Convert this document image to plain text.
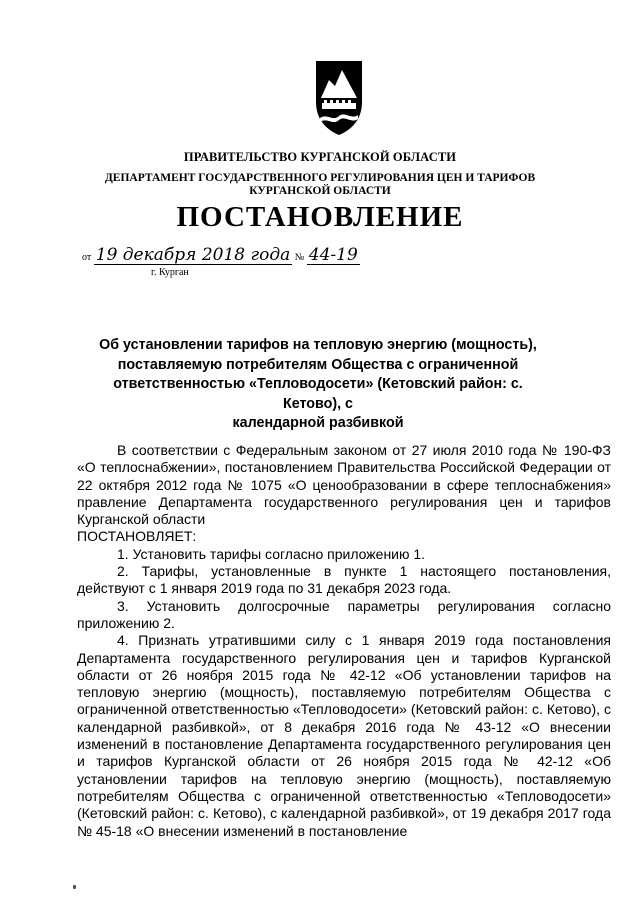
ПРАВИТЕЛЬСТВО КУРГАНСКОЙ ОБЛАСТИ
ДЕПАРТАМЕНТ ГОСУДАРСТВЕННОГО РЕГУЛИРОВАНИЯ ЦЕН И ТАРИФОВ
КУРГАНСКОЙ ОБЛАСТИ
ПОСТАНОВЛЕНИЕ
от 19 декабря 2018 года № 44-19
г. Курган
Об установлении тарифов на тепловую энергию (мощность),
поставляемую потребителям Общества с ограниченной
ответственностью «Тепловодосети» (Кетовский район: с. Кетово), с
календарной разбивкой

В соответствии с Федеральным законом от 27 июля 2010 года № 190-ФЗ «О теплоснабжении», постановлением Правительства Российской Федерации от 22 октября 2012 года № 1075 «О ценообразовании в сфере теплоснабжения» правление Департамента государственного регулирования цен и тарифов Курганской области

ПОСТАНОВЛЯЕТ:

1. Установить тарифы согласно приложению 1.

2. Тарифы, установленные в пункте 1 настоящего постановления, действуют с 1 января 2019 года по 31 декабря 2023 года.

3. Установить долгосрочные параметры регулирования согласно приложению 2.

4. Признать утратившими силу с 1 января 2019 года постановления Департамента государственного регулирования цен и тарифов Курганской области от 26 ноября 2015 года № 42-12 «Об установлении тарифов на тепловую энергию (мощность), поставляемую потребителям Общества с ограниченной ответственностью «Тепловодосети» (Кетовский район: с. Кетово), с календарной разбивкой», от 8 декабря 2016 года № 43-12 «О внесении изменений в постановление Департамента государственного регулирования цен и тарифов Курганской области от 26 ноября 2015 года № 42-12 «Об установлении тарифов на тепловую энергию (мощность), поставляемую потребителям Общества с ограниченной ответственностью «Тепловодосети» (Кетовский район: с. Кетово), с календарной разбивкой», от 19 декабря 2017 года № 45-18 «О внесении изменений в постановление
